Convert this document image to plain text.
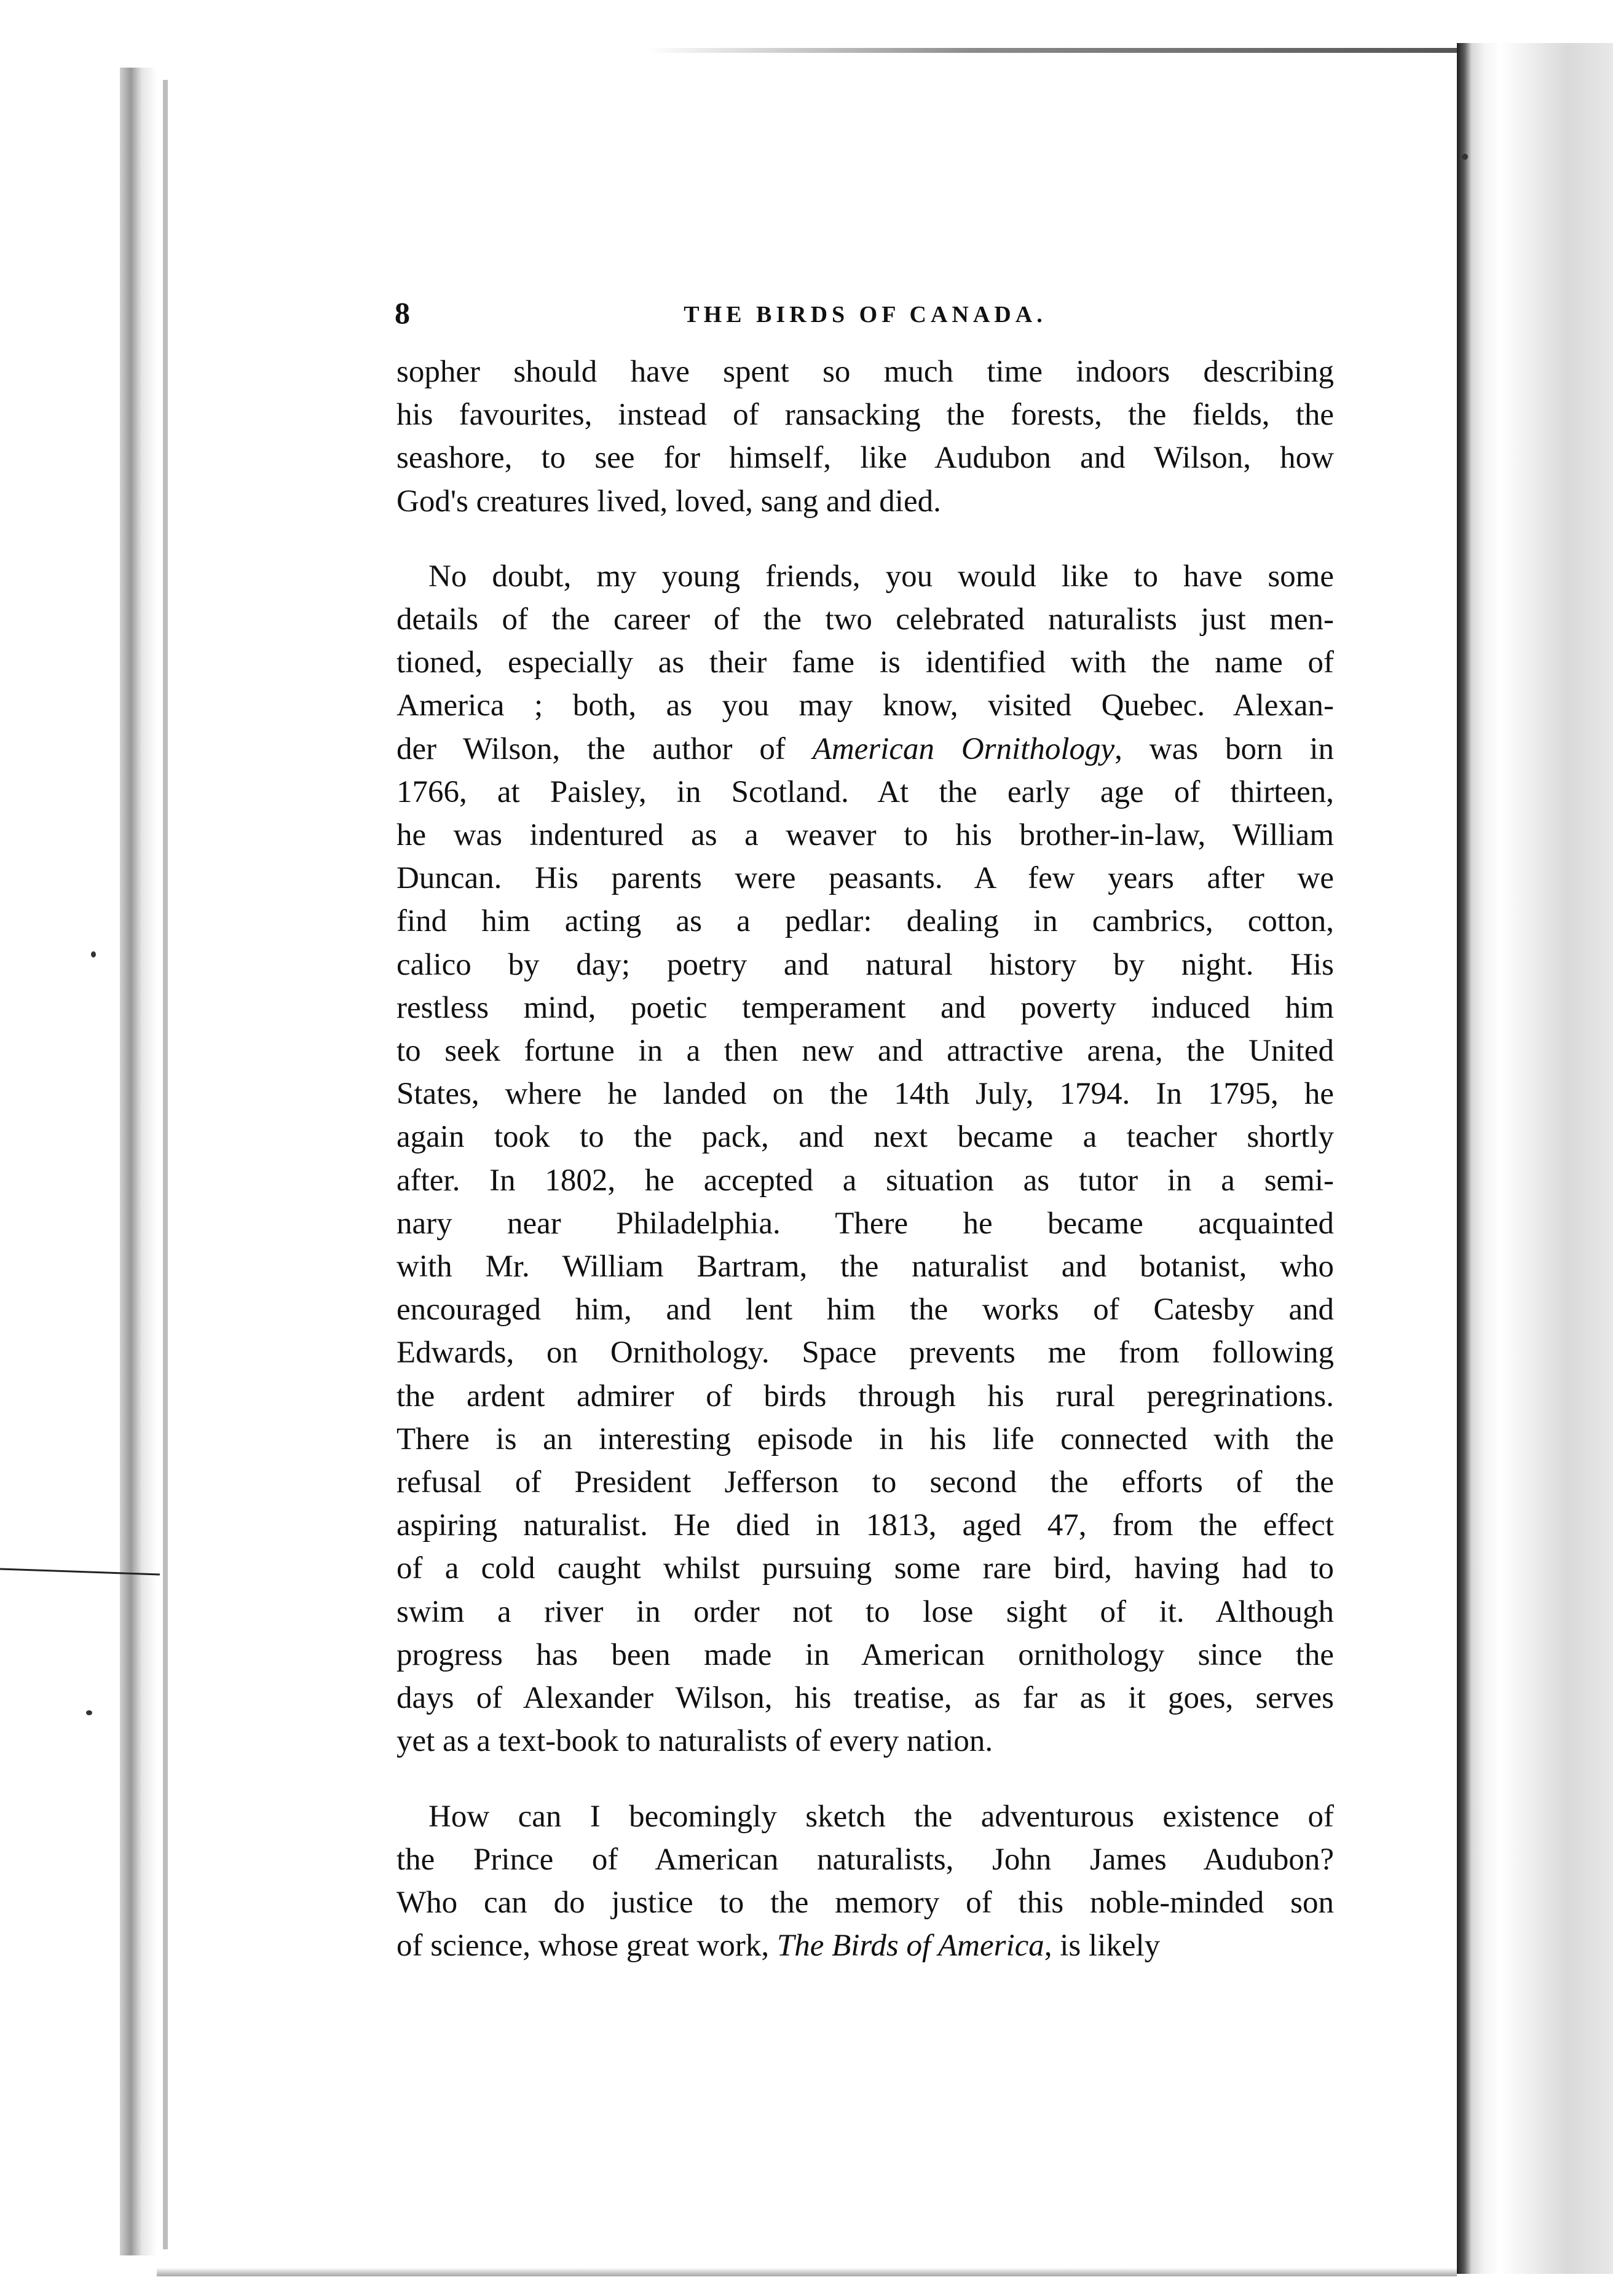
8	THE BIRDS OF CANADA.

sopher should have spent so much time indoors describing
his favourites, instead of ransacking the forests, the fields, the
seashore, to see for himself, like Audubon and Wilson, how
God's creatures lived, loved, sang and died.

No doubt, my young friends, you would like to have some
details of the career of the two celebrated naturalists just men-
tioned, especially as their fame is identified with the name of
America ; both, as you may know, visited Quebec. Alexan-
der Wilson, the author of American Ornithology, was born in
1766, at Paisley, in Scotland. At the early age of thirteen,
he was indentured as a weaver to his brother-in-law, William
Duncan. His parents were peasants. A few years after we
find him acting as a pedlar: dealing in cambrics, cotton,
calico by day; poetry and natural history by night. His
restless mind, poetic temperament and poverty induced him
to seek fortune in a then new and attractive arena, the United
States, where he landed on the 14th July, 1794. In 1795, he
again took to the pack, and next became a teacher shortly
after. In 1802, he accepted a situation as tutor in a semi-
nary near Philadelphia. There he became acquainted
with Mr. William Bartram, the naturalist and botanist, who
encouraged him, and lent him the works of Catesby and
Edwards, on Ornithology. Space prevents me from following
the ardent admirer of birds through his rural peregrinations.
There is an interesting episode in his life connected with the
refusal of President Jefferson to second the efforts of the
aspiring naturalist. He died in 1813, aged 47, from the effect
of a cold caught whilst pursuing some rare bird, having had to
swim a river in order not to lose sight of it. Although
progress has been made in American ornithology since the
days of Alexander Wilson, his treatise, as far as it goes, serves
yet as a text-book to naturalists of every nation.

How can I becomingly sketch the adventurous existence of
the Prince of American naturalists, John James Audubon?
Who can do justice to the memory of this noble-minded son
of science, whose great work, The Birds of America, is likely
